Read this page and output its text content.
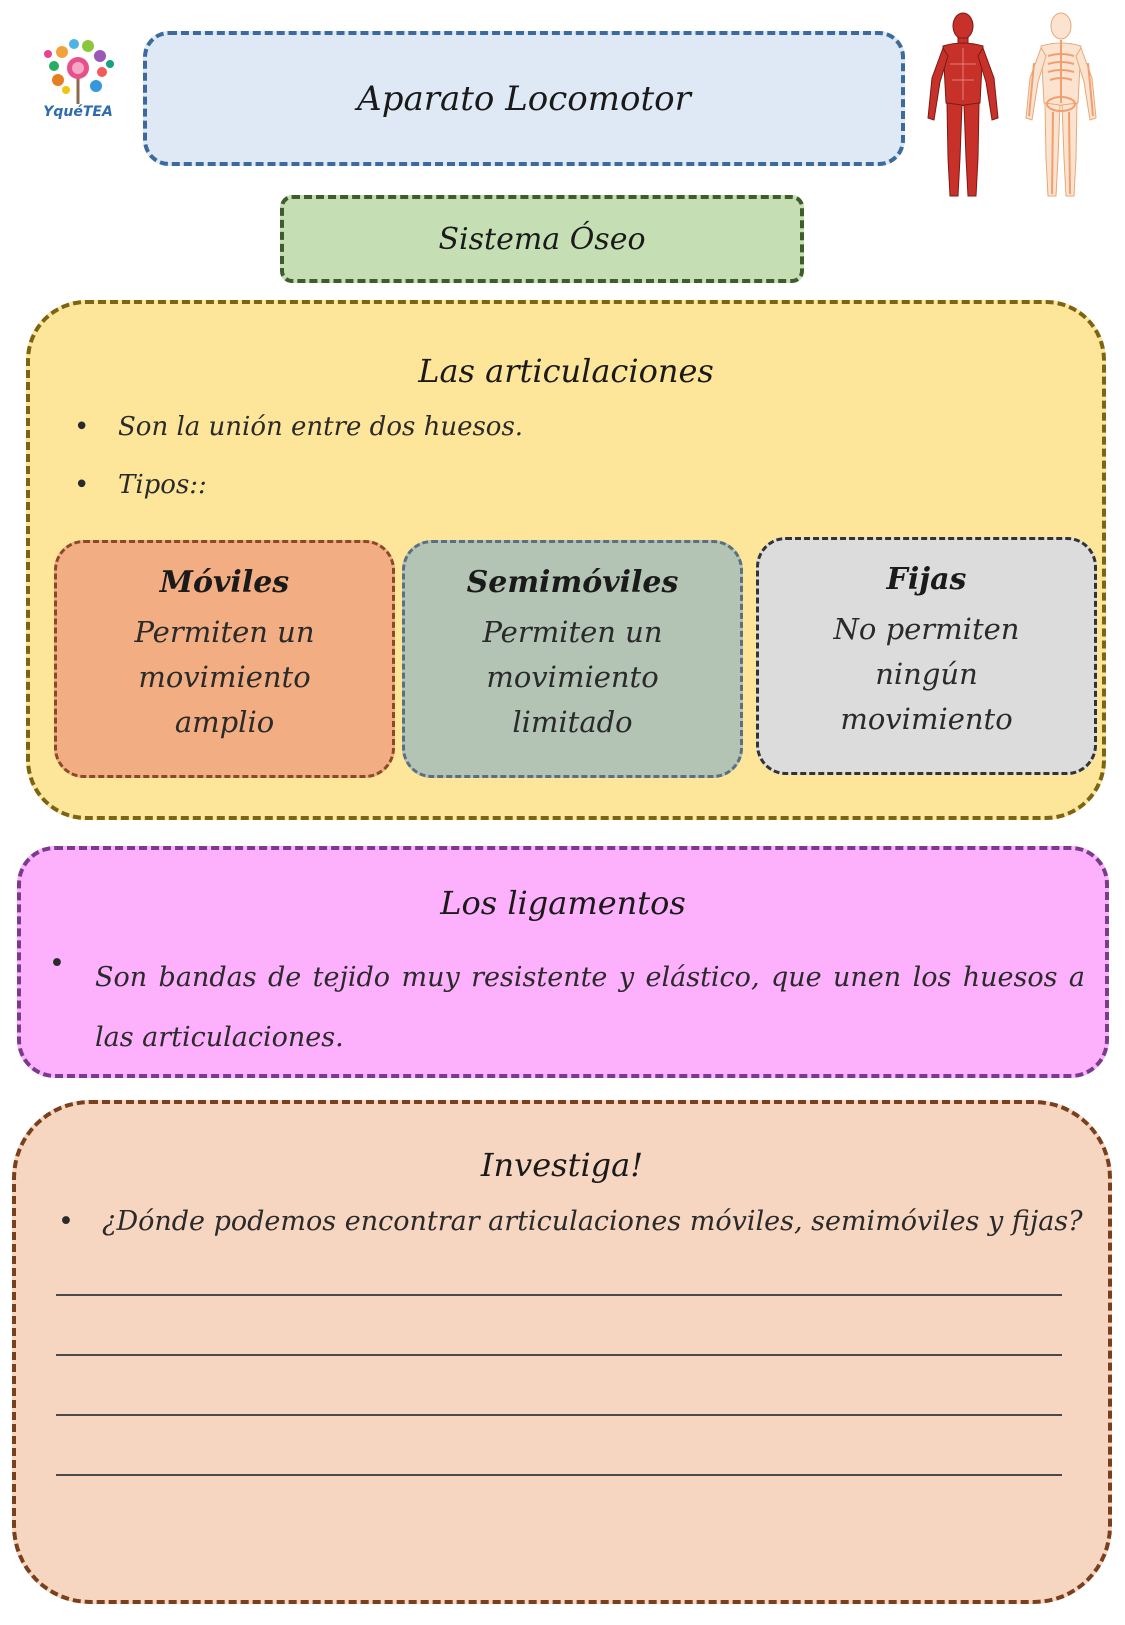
YquéTEA	Aparato Locomotor
Sistema Óseo
Las articulaciones
• Son la unión entre dos huesos.
• Tipos::
Móviles
Permiten un movimiento amplio
Semimóviles
Permiten un movimiento limitado
Fijas
No permiten ningún movimiento
Los ligamentos
• Son bandas de tejido muy resistente y elástico, que unen los huesos a las articulaciones.
Investiga!
• ¿Dónde podemos encontrar articulaciones móviles, semimóviles y fijas?
